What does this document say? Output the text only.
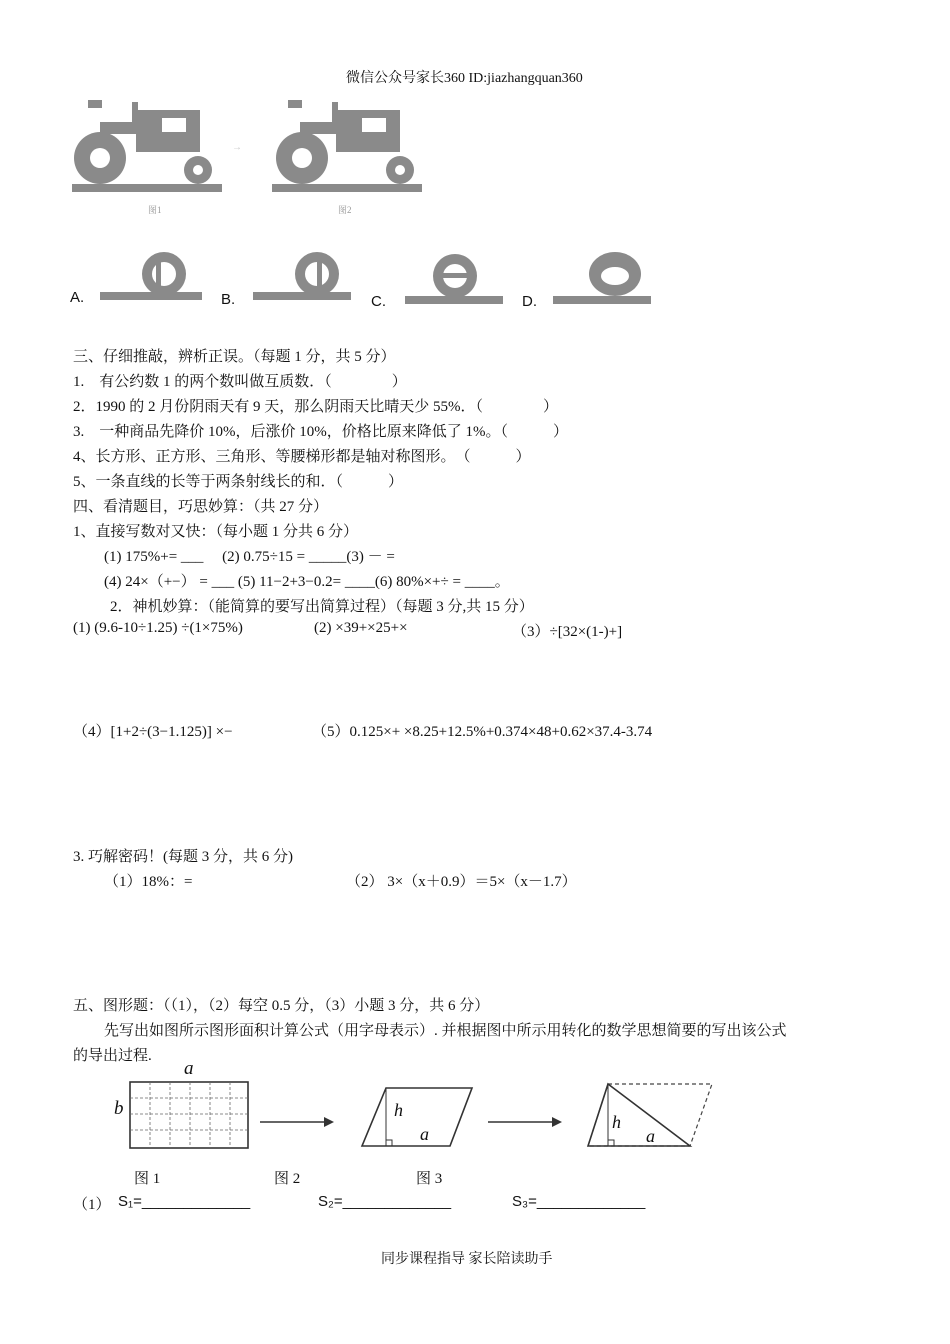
微信公众号家长360 ID:jiazhangquan360
→
图1	图2
A.	B.	C.	D.
三、仔细推敲，辨析正误。（每题 1 分，共 5 分）
1.　有公约数 1 的两个数叫做互质数．（　　　　）
2．1990 的 2 月份阴雨天有 9 天，那么阴雨天比晴天少 55%．（　　　　）
3.　一种商品先降价 10%，后涨价 10%，价格比原来降低了 1%。（　　　）
4、长方形、正方形、三角形、等腰梯形都是轴对称图形。　（　　　）
5、一条直线的长等于两条射线长的和．（　　　）
四、看清题目，巧思妙算：（共 27 分）
1、直接写数对又快：（每小题 1 分共 6 分）
(1) 175%+= ___　 (2) 0.75÷15 = _____(3) － =
(4) 24×（+−） = ___ (5) 11−2+3−0.2= ____(6) 80%×+÷ = ____。
2．神机妙算：（能简算的要写出简算过程）（每题 3 分,共 15 分）
(1) (9.6-10÷1.25) ÷(1×75%)	(2) ×39+×25+×	（3）÷[32×(1-)+]
（4）[1+2÷(3−1.125)] ×−	（5）0.125×+ ×8.25+12.5%+0.374×48+0.62×37.4-3.74
3. 巧解密码！(每题 3 分，共 6 分)
（1）18%：=	（2） 3×（x＋0.9）＝5×（x－1.7）
五、图形题：（（1），（2）每空 0.5 分，（3）小题 3 分，共 6 分）
先写出如图所示图形面积计算公式（用字母表示）. 并根据图中所示用转化的数学思想简要的写出该公式
的导出过程.
a
b	h
a
h
a
图 1	图 2	图 3
（1） S₁=_____________	S₂=_____________	S₃=_____________
同步课程指导 家长陪读助手
